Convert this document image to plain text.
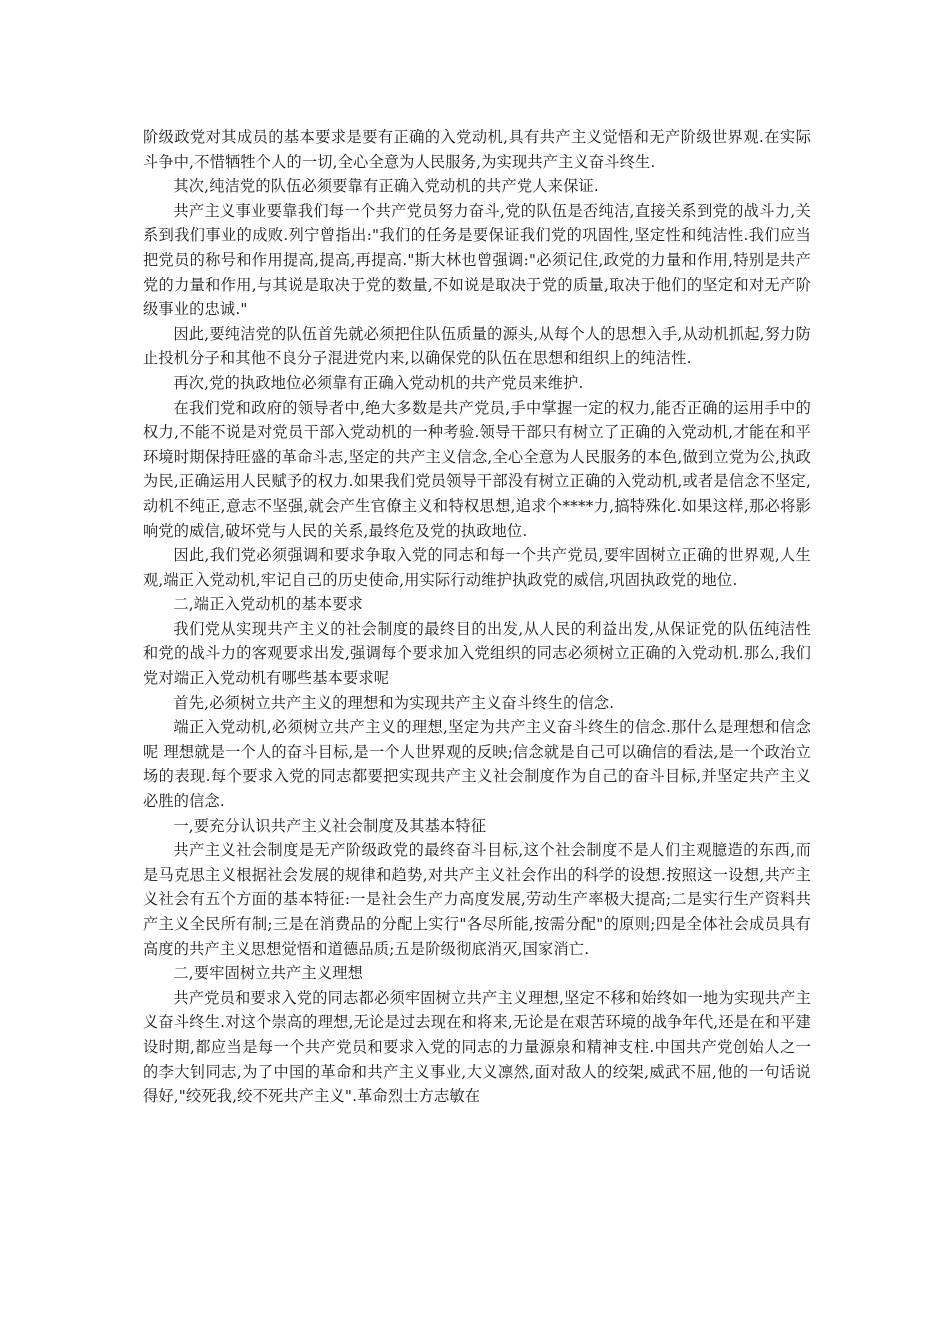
阶级政党对其成员的基本要求是要有正确的入党动机,具有共产主义觉悟和无产阶级世界观.在实际斗争中,不惜牺牲个人的一切,全心全意为人民服务,为实现共产主义奋斗终生.

其次,纯洁党的队伍必须要靠有正确入党动机的共产党人来保证.

共产主义事业要靠我们每一个共产党员努力奋斗,党的队伍是否纯洁,直接关系到党的战斗力,关系到我们事业的成败.列宁曾指出:"我们的任务是要保证我们党的巩固性,坚定性和纯洁性.我们应当把党员的称号和作用提高,提高,再提高."斯大林也曾强调:"必须记住,政党的力量和作用,特别是共产党的力量和作用,与其说是取决于党的数量,不如说是取决于党的质量,取决于他们的坚定和对无产阶级事业的忠诚."

因此,要纯洁党的队伍首先就必须把住队伍质量的源头,从每个人的思想入手,从动机抓起,努力防止投机分子和其他不良分子混进党内来,以确保党的队伍在思想和组织上的纯洁性.

再次,党的执政地位必须靠有正确入党动机的共产党员来维护.

在我们党和政府的领导者中,绝大多数是共产党员,手中掌握一定的权力,能否正确的运用手中的权力,不能不说是对党员干部入党动机的一种考验.领导干部只有树立了正确的入党动机,才能在和平环境时期保持旺盛的革命斗志,坚定的共产主义信念,全心全意为人民服务的本色,做到立党为公,执政为民,正确运用人民赋予的权力.如果我们党员领导干部没有树立正确的入党动机,或者是信念不坚定,动机不纯正,意志不坚强,就会产生官僚主义和特权思想,追求个****力,搞特殊化.如果这样,那必将影响党的威信,破坏党与人民的关系,最终危及党的执政地位.

因此,我们党必须强调和要求争取入党的同志和每一个共产党员,要牢固树立正确的世界观,人生观,端正入党动机,牢记自己的历史使命,用实际行动维护执政党的威信,巩固执政党的地位.

二,端正入党动机的基本要求

我们党从实现共产主义的社会制度的最终目的出发,从人民的利益出发,从保证党的队伍纯洁性和党的战斗力的客观要求出发,强调每个要求加入党组织的同志必须树立正确的入党动机.那么,我们党对端正入党动机有哪些基本要求呢

首先,必须树立共产主义的理想和为实现共产主义奋斗终生的信念.

端正入党动机,必须树立共产主义的理想,坚定为共产主义奋斗终生的信念.那什么是理想和信念呢 理想就是一个人的奋斗目标,是一个人世界观的反映;信念就是自己可以确信的看法,是一个政治立场的表现.每个要求入党的同志都要把实现共产主义社会制度作为自己的奋斗目标,并坚定共产主义必胜的信念.

一,要充分认识共产主义社会制度及其基本特征

共产主义社会制度是无产阶级政党的最终奋斗目标,这个社会制度不是人们主观臆造的东西,而是马克思主义根据社会发展的规律和趋势,对共产主义社会作出的科学的设想.按照这一设想,共产主义社会有五个方面的基本特征:一是社会生产力高度发展,劳动生产率极大提高;二是实行生产资料共产主义全民所有制;三是在消费品的分配上实行"各尽所能,按需分配"的原则;四是全体社会成员具有高度的共产主义思想觉悟和道德品质;五是阶级彻底消灭,国家消亡.

二,要牢固树立共产主义理想

共产党员和要求入党的同志都必须牢固树立共产主义理想,坚定不移和始终如一地为实现共产主义奋斗终生.对这个崇高的理想,无论是过去现在和将来,无论是在艰苦环境的战争年代,还是在和平建设时期,都应当是每一个共产党员和要求入党的同志的力量源泉和精神支柱.中国共产党创始人之一的李大钊同志,为了中国的革命和共产主义事业,大义凛然,面对敌人的绞架,威武不屈,他的一句话说得好,"绞死我,绞不死共产主义".革命烈士方志敏在
